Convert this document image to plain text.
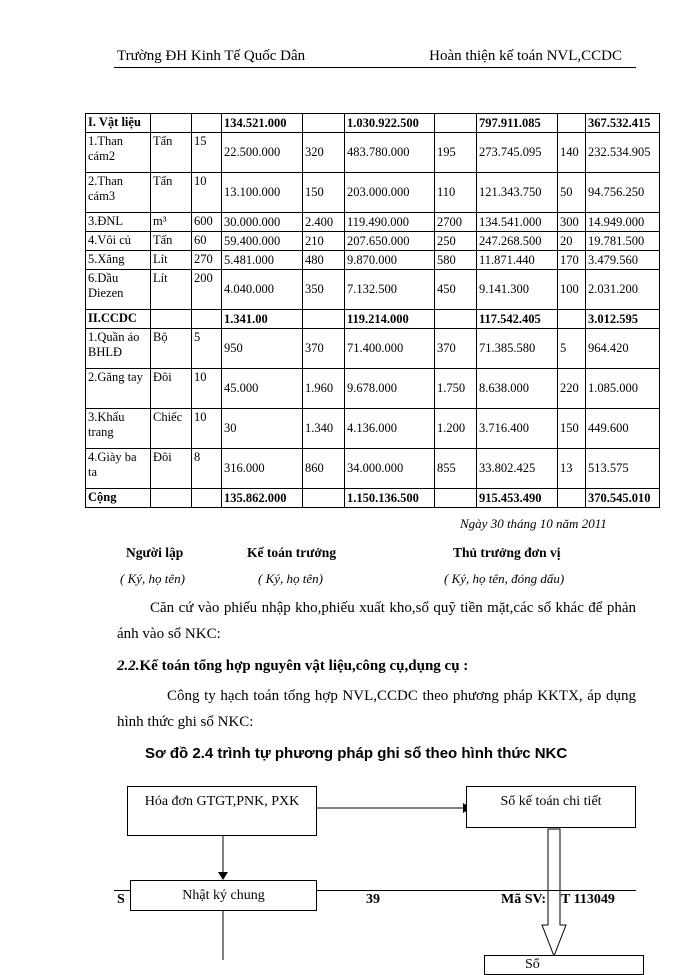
Trường ĐH Kinh Tế Quốc Dân	Hoàn thiện kế toán NVL,CCDC
I. Vật liệu			134.521.000		1.030.922.500		797.911.085		367.532.415
1.Than cám2	Tấn	15	22.500.000	320	483.780.000	195	273.745.095	140	232.534.905
2.Than cám3	Tấn	10	13.100.000	150	203.000.000	110	121.343.750	50	94.756.250
3.ĐNL	m³	600	30.000.000	2.400	119.490.000	2700	134.541.000	300	14.949.000
4.Vôi củ	Tấn	60	59.400.000	210	207.650.000	250	247.268.500	20	19.781.500
5.Xăng	Lít	270	5.481.000	480	9.870.000	580	11.871.440	170	3.479.560
6.Dầu Diezen	Lít	200	4.040.000	350	7.132.500	450	9.141.300	100	2.031.200
II.CCDC			1.341.00		119.214.000		117.542.405		3.012.595
1.Quần áo BHLĐ	Bộ	5	950	370	71.400.000	370	71.385.580	5	964.420
2.Găng tay	Đôi	10	45.000	1.960	9.678.000	1.750	8.638.000	220	1.085.000
3.Khẩu trang	Chiếc	10	30	1.340	4.136.000	1.200	3.716.400	150	449.600
4.Giày ba ta	Đôi	8	316.000	860	34.000.000	855	33.802.425	13	513.575
Cộng			135.862.000		1.150.136.500		915.453.490		370.545.010
Ngày 30 tháng 10 năm 2011
Người lập	Kế toán trưởng	Thủ trưởng đơn vị
( Ký, họ tên)	( Ký, họ tên)	( Ký, họ tên, đóng dấu)
Căn cứ vào phiếu nhập kho,phiếu xuất kho,sổ quỹ tiền mặt,các sổ khác để phản ánh vào sổ NKC:
2.2.Kế toán tổng hợp nguyên vật liệu,công cụ,dụng cụ :
Công ty hạch toán tổng hợp NVL,CCDC theo phương pháp KKTX, áp dụng hình thức ghi sổ NKC:
Sơ đồ 2.4 trình tự phương pháp ghi sổ theo hình thức NKC
S	39	Mã SV: T 113049
Hóa đơn GTGT,PNK, PXK	Sổ kế toán chi tiết
Nhật ký chung
Sổ
